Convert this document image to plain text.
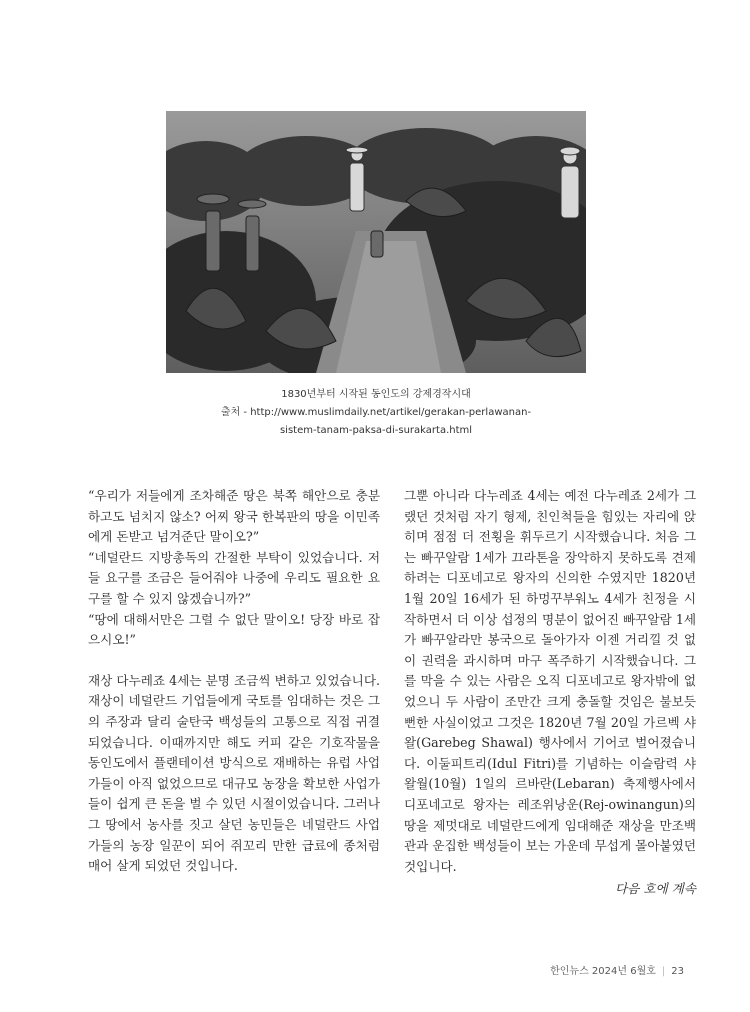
1830년부터 시작된 동인도의 강제경작시대
출처 - http://www.muslimdaily.net/artikel/gerakan-perlawanan-
sistem-tanam-paksa-di-surakarta.html

“우리가 저들에게 조차해준 땅은 북쪽 해안으로 충분하고도 넘치지 않소? 어찌 왕국 한복판의 땅을 이민족에게 돈받고 넘겨준단 말이오?”

“네덜란드 지방총독의 간절한 부탁이 있었습니다. 저들 요구를 조금은 들어줘야 나중에 우리도 필요한 요구를 할 수 있지 않겠습니까?”

“땅에 대해서만은 그럴 수 없단 말이오! 당장 바로 잡으시오!”

재상 다누레죠 4세는 분명 조금씩 변하고 있었습니다. 재상이 네덜란드 기업들에게 국토를 임대하는 것은 그의 주장과 달리 술탄국 백성들의 고통으로 직접 귀결되었습니다. 이때까지만 해도 커피 같은 기호작물을 동인도에서 플랜테이션 방식으로 재배하는 유럽 사업가들이 아직 없었으므로 대규모 농장을 확보한 사업가들이 쉽게 큰 돈을 벌 수 있던 시절이었습니다. 그러나 그 땅에서 농사를 짓고 살던 농민들은 네덜란드 사업가들의 농장 일꾼이 되어 쥐꼬리 만한 급료에 종처럼 매어 살게 되었던 것입니다.

그뿐 아니라 다누레죠 4세는 예전 다누레죠 2세가 그랬던 것처럼 자기 형제, 친인척들을 힘있는 자리에 앉히며 점점 더 전횡을 휘두르기 시작했습니다. 처음 그는 빠꾸알람 1세가 끄라톤을 장악하지 못하도록 견제하려는 디포네고로 왕자의 신의한 수였지만 1820년 1월 20일 16세가 된 하멍꾸부워노 4세가 친정을 시작하면서 더 이상 섭정의 명분이 없어진 빠꾸알람 1세가 빠꾸알라만 봉국으로 돌아가자 이젠 거리낄 것 없이 권력을 과시하며 마구 폭주하기 시작했습니다. 그를 막을 수 있는 사람은 오직 디포네고로 왕자밖에 없었으니 두 사람이 조만간 크게 충돌할 것임은 불보듯 뻔한 사실이었고 그것은 1820년 7월 20일 가르벡 샤왈(Garebeg Shawal) 행사에서 기어코 벌어졌습니다. 이둘피트리(Idul Fitri)를 기념하는 이슬람력 샤왈월(10월) 1일의 르바란(Lebaran) 축제행사에서 디포네고로 왕자는 레조위낭운(Rej-owinangun)의 땅을 제멋대로 네덜란드에게 임대해준 재상을 만조백관과 운집한 백성들이 보는 가운데 무섭게 몰아붙였던 것입니다.

다음 호에 계속

한인뉴스 2024년 6월호 | 23
